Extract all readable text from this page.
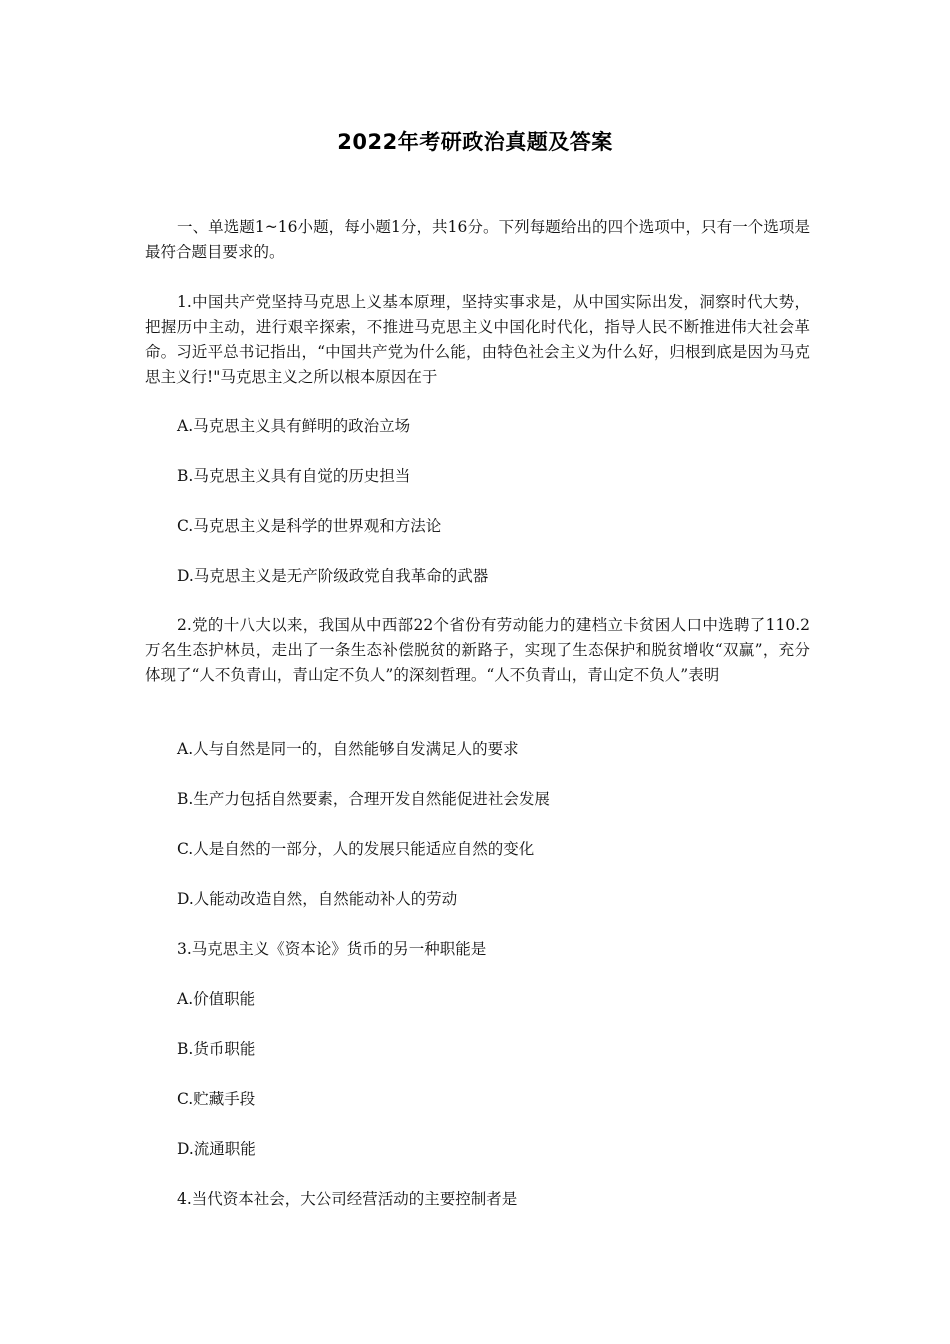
2022年考研政治真题及答案
一、单选题1~16小题，每小题1分，共16分。下列每题给出的四个选项中，只有一个选项是最符合题目要求的。
1.中国共产党坚持马克思上义基本原理，坚持实事求是，从中国实际出发，洞察时代大势，把握历中主动，进行艰辛探索，不推进马克思主义中国化时代化，指导人民不断推进伟大社会革命。习近平总书记指出，“中国共产党为什么能，由特色社会主义为什么好，归根到底是因为马克思主义行!"马克思主义之所以根本原因在于
A.马克思主义具有鲜明的政治立场
B.马克思主义具有自觉的历史担当
C.马克思主义是科学的世界观和方法论
D.马克思主义是无产阶级政党自我革命的武器
2.党的十八大以来，我国从中西部22个省份有劳动能力的建档立卡贫困人口中选聘了110.2万名生态护林员，走出了一条生态补偿脱贫的新路子，实现了生态保护和脱贫增收“双赢”，充分体现了“人不负青山，青山定不负人”的深刻哲理。“人不负青山，青山定不负人”表明
A.人与自然是同一的，自然能够自发满足人的要求
B.生产力包括自然要素，合理开发自然能促进社会发展
C.人是自然的一部分，人的发展只能适应自然的变化
D.人能动改造自然，自然能动补人的劳动
3.马克思主义《资本论》货币的另一种职能是
A.价值职能
B.货币职能
C.贮藏手段
D.流通职能
4.当代资本社会，大公司经营活动的主要控制者是
